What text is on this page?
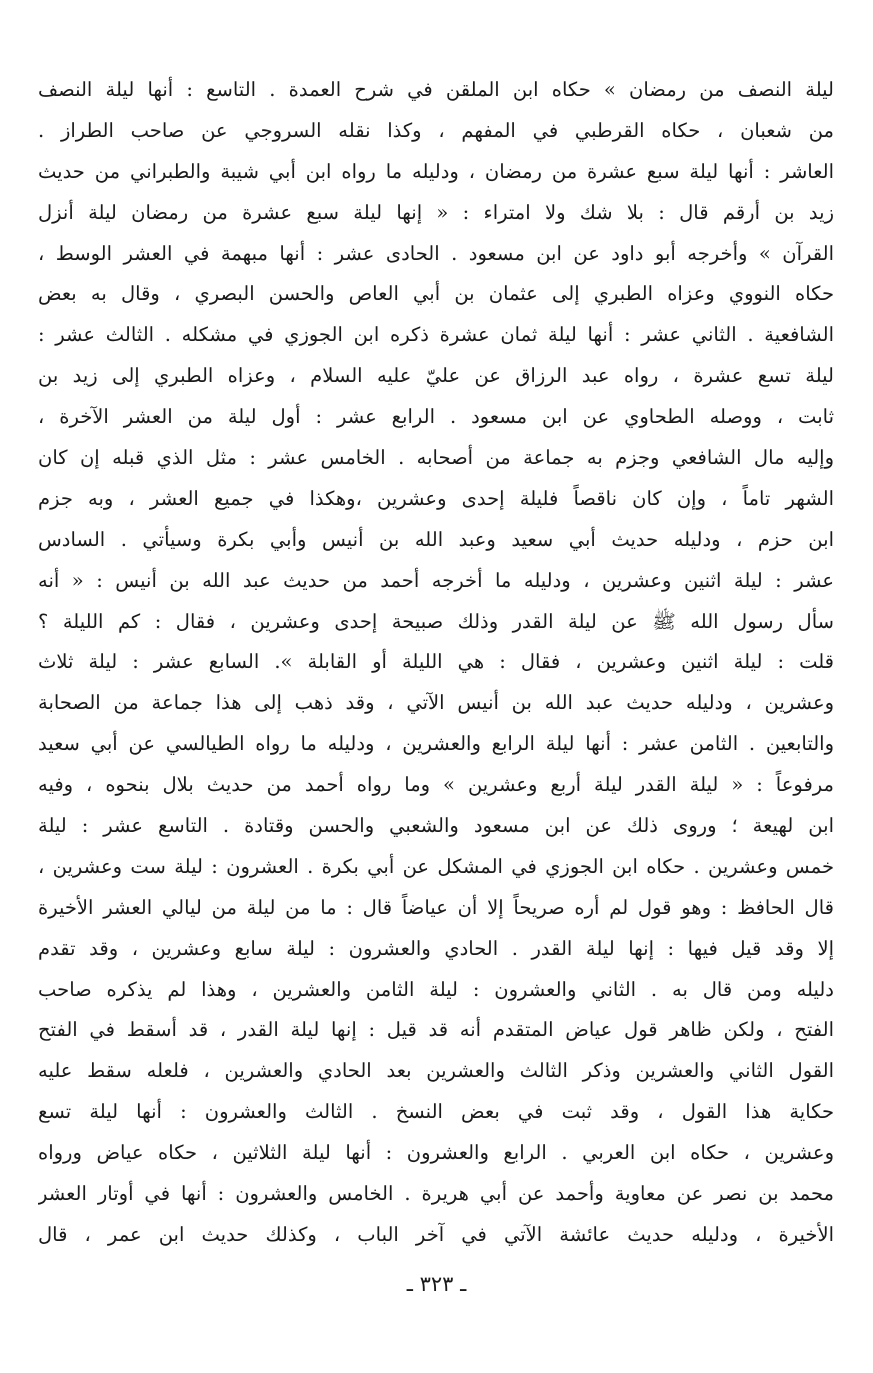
ليلة النصف من رمضان » حكاه ابن الملقن في شرح العمدة . التاسع : أنها ليلة النصف
من شعبان ، حكاه القرطبي في المفهم ، وكذا نقله السروجي عن صاحب الطراز .
العاشر : أنها ليلة سبع عشرة من رمضان ، ودليله ما رواه ابن أبي شيبة والطبراني من حديث
زيد بن أرقم قال : بلا شك ولا امتراء : « إنها ليلة سبع عشرة من رمضان ليلة أنزل
القرآن » وأخرجه أبو داود عن ابن مسعود . الحادى عشر : أنها مبهمة في العشر الوسط ،
حكاه النووي وعزاه الطبري إلى عثمان بن أبي العاص والحسن البصري ، وقال به بعض
الشافعية . الثاني عشر : أنها ليلة ثمان عشرة ذكره ابن الجوزي في مشكله . الثالث عشر :
ليلة تسع عشرة ، رواه عبد الرزاق عن عليّ عليه السلام ، وعزاه الطبري إلى زيد بن
ثابت ، ووصله الطحاوي عن ابن مسعود . الرابع عشر : أول ليلة من العشر الآخرة ،
وإليه مال الشافعي وجزم به جماعة من أصحابه . الخامس عشر : مثل الذي قبله إن كان
الشهر تاماً ، وإن كان ناقصاً فليلة إحدى وعشرين ،وهكذا في جميع العشر ، وبه جزم
ابن حزم ، ودليله حديث أبي سعيد وعبد الله بن أنيس وأبي بكرة وسيأتي . السادس
عشر : ليلة اثنين وعشرين ، ودليله ما أخرجه أحمد من حديث عبد الله بن أنيس : « أنه
سأل رسول الله ﷺ عن ليلة القدر وذلك صبيحة إحدى وعشرين ، فقال : كم الليلة ؟
قلت : ليلة اثنين وعشرين ، فقال : هي الليلة أو القابلة ». السابع عشر : ليلة ثلاث
وعشرين ، ودليله حديث عبد الله بن أنيس الآتي ، وقد ذهب إلى هذا جماعة من الصحابة
والتابعين . الثامن عشر : أنها ليلة الرابع والعشرين ، ودليله ما رواه الطيالسي عن أبي سعيد
مرفوعاً : « ليلة القدر ليلة أربع وعشرين » وما رواه أحمد من حديث بلال بنحوه ، وفيه
ابن لهيعة ؛ وروى ذلك عن ابن مسعود والشعبي والحسن وقتادة . التاسع عشر : ليلة
خمس وعشرين . حكاه ابن الجوزي في المشكل عن أبي بكرة . العشرون : ليلة ست وعشرين ،
قال الحافظ : وهو قول لم أره صريحاً إلا أن عياضاً قال : ما من ليلة من ليالي العشر الأخيرة
إلا وقد قيل فيها : إنها ليلة القدر . الحادي والعشرون : ليلة سابع وعشرين ، وقد تقدم
دليله ومن قال به . الثاني والعشرون : ليلة الثامن والعشرين ، وهذا لم يذكره صاحب
الفتح ، ولكن ظاهر قول عياض المتقدم أنه قد قيل : إنها ليلة القدر ، قد أسقط في الفتح
القول الثاني والعشرين وذكر الثالث والعشرين بعد الحادي والعشرين ، فلعله سقط عليه
حكاية هذا القول ، وقد ثبت في بعض النسخ . الثالث والعشرون : أنها ليلة تسع
وعشرين ، حكاه ابن العربي . الرابع والعشرون : أنها ليلة الثلاثين ، حكاه عياض ورواه
محمد بن نصر عن معاوية وأحمد عن أبي هريرة . الخامس والعشرون : أنها في أوتار العشر
الأخيرة ، ودليله حديث عائشة الآتي في آخر الباب ، وكذلك حديث ابن عمر ، قال
ـ ٣٢٣ ـ
